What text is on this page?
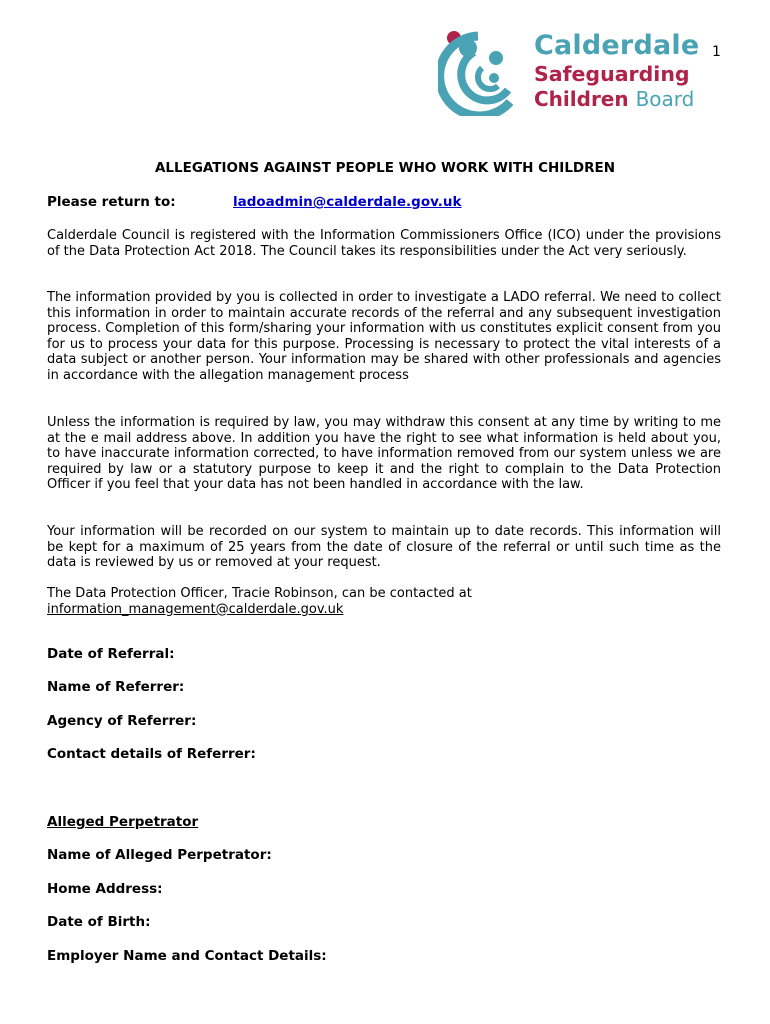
Calderdale
Safeguarding
Children Board
1
ALLEGATIONS AGAINST PEOPLE WHO WORK WITH CHILDREN
Please return to:	ladoadmin@calderdale.gov.uk
Calderdale Council is registered with the Information Commissioners Office (ICO) under the provisions of the Data Protection Act 2018. The Council takes its responsibilities under the Act very seriously.
The information provided by you is collected in order to investigate a LADO referral. We need to collect this information in order to maintain accurate records of the referral and any subsequent investigation process. Completion of this form/sharing your information with us constitutes explicit consent from you for us to process your data for this purpose. Processing is necessary to protect the vital interests of a data subject or another person. Your information may be shared with other professionals and agencies in accordance with the allegation management process
Unless the information is required by law, you may withdraw this consent at any time by writing to me at the e mail address above. In addition you have the right to see what information is held about you, to have inaccurate information corrected, to have information removed from our system unless we are required by law or a statutory purpose to keep it and the right to complain to the Data Protection Officer if you feel that your data has not been handled in accordance with the law.
Your information will be recorded on our system to maintain up to date records. This information will be kept for a maximum of 25 years from the date of closure of the referral or until such time as the data is reviewed by us or removed at your request.
The Data Protection Officer, Tracie Robinson, can be contacted at
information_management@calderdale.gov.uk
Date of Referral:
Name of Referrer:
Agency of Referrer:
Contact details of Referrer:
Alleged Perpetrator
Name of Alleged Perpetrator:
Home Address:
Date of Birth:
Employer Name and Contact Details:
